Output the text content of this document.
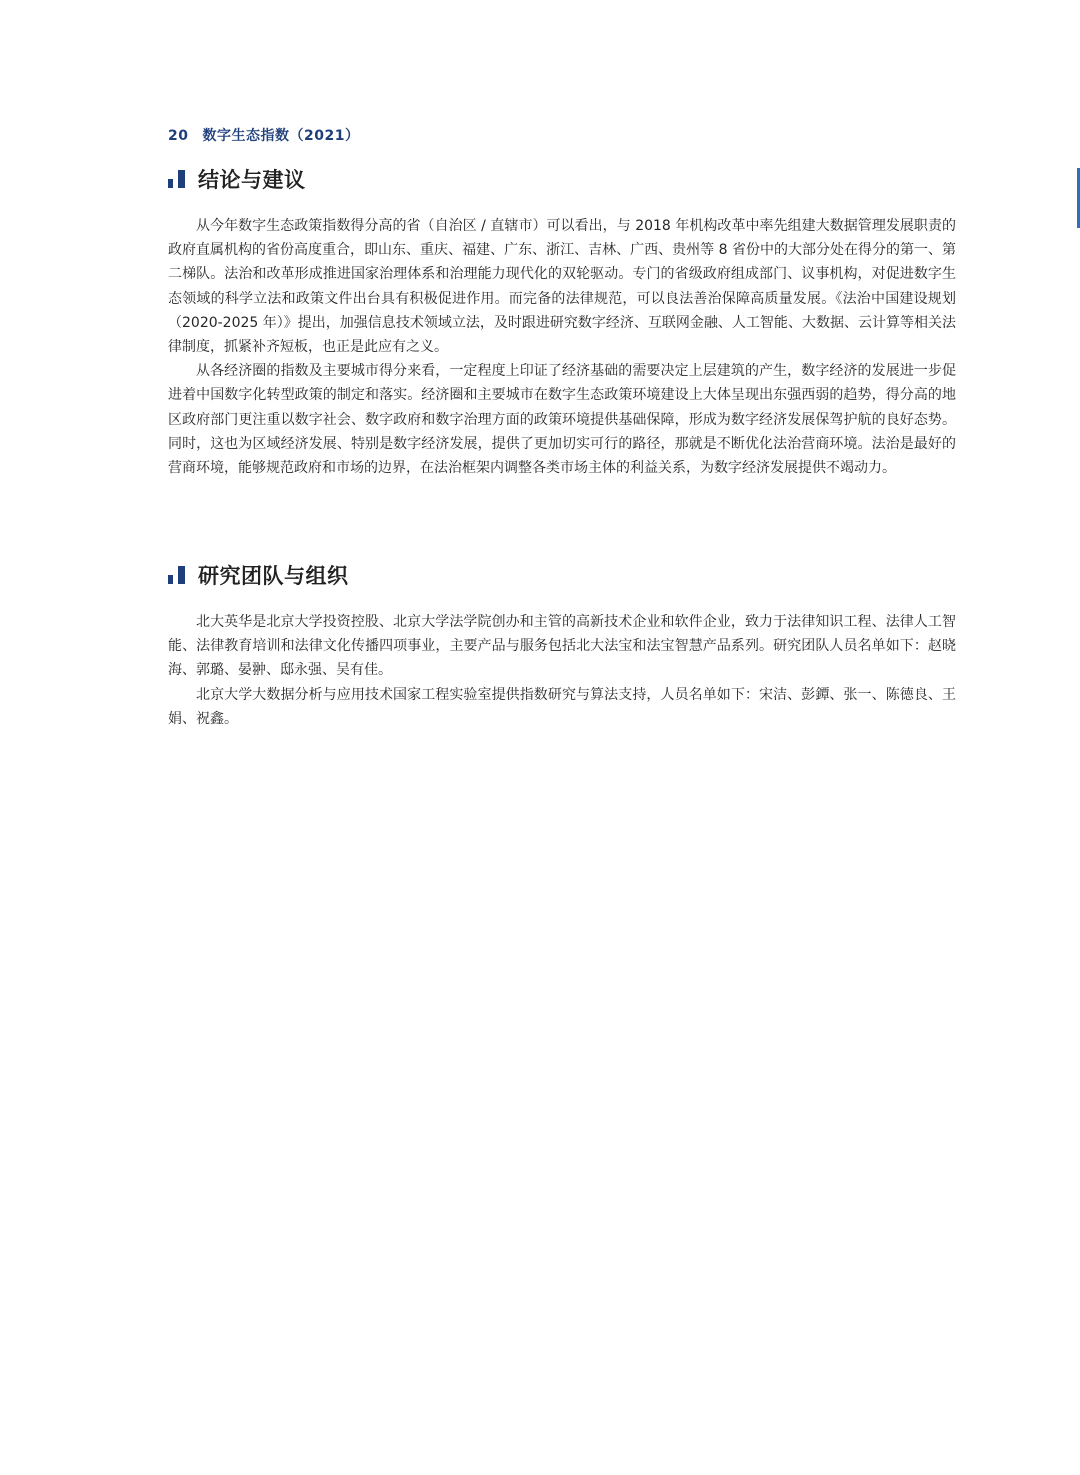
20 数字生态指数（2021）
结论与建议

从今年数字生态政策指数得分高的省（自治区 / 直辖市）可以看出，与 2018 年机构改革中率先组建大数据管理发展职责的政府直属机构的省份高度重合，即山东、重庆、福建、广东、浙江、吉林、广西、贵州等 8 省份中的大部分处在得分的第一、第二梯队。法治和改革形成推进国家治理体系和治理能力现代化的双轮驱动。专门的省级政府组成部门、议事机构，对促进数字生态领域的科学立法和政策文件出台具有积极促进作用。而完备的法律规范，可以良法善治保障高质量发展。《法治中国建设规划（2020-2025 年）》提出，加强信息技术领域立法，及时跟进研究数字经济、互联网金融、人工智能、大数据、云计算等相关法律制度，抓紧补齐短板，也正是此应有之义。

从各经济圈的指数及主要城市得分来看，一定程度上印证了经济基础的需要决定上层建筑的产生，数字经济的发展进一步促进着中国数字化转型政策的制定和落实。经济圈和主要城市在数字生态政策环境建设上大体呈现出东强西弱的趋势，得分高的地区政府部门更注重以数字社会、数字政府和数字治理方面的政策环境提供基础保障，形成为数字经济发展保驾护航的良好态势。同时，这也为区域经济发展、特别是数字经济发展，提供了更加切实可行的路径，那就是不断优化法治营商环境。法治是最好的营商环境，能够规范政府和市场的边界，在法治框架内调整各类市场主体的利益关系，为数字经济发展提供不竭动力。

研究团队与组织

北大英华是北京大学投资控股、北京大学法学院创办和主管的高新技术企业和软件企业，致力于法律知识工程、法律人工智能、法律教育培训和法律文化传播四项事业，主要产品与服务包括北大法宝和法宝智慧产品系列。研究团队人员名单如下：赵晓海、郭璐、晏翀、邸永强、吴有佳。

北京大学大数据分析与应用技术国家工程实验室提供指数研究与算法支持，人员名单如下：宋洁、彭鐔、张一、陈德良、王娟、祝鑫。
